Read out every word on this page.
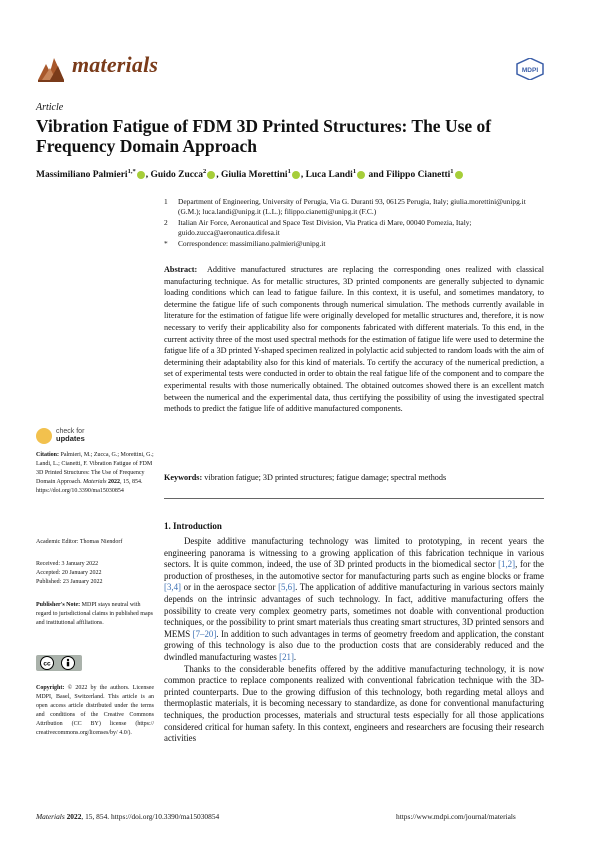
materials	MDPI
Article
Vibration Fatigue of FDM 3D Printed Structures: The Use of Frequency Domain Approach
Massimiliano Palmieri$^{1,*}$ , Guido Zucca$^2$ , Giulia Morettini$^1$ , Luca Landi$^1$ and Filippo Cianetti$^1$
1	Department of Engineering, University of Perugia, Via G. Duranti 93, 06125 Perugia, Italy; giulia.morettini@unipg.it (G.M.); luca.landi@unipg.it (L.L.); filippo.cianetti@unipg.it (F.C.)
2	Italian Air Force, Aeronautical and Space Test Division, Via Pratica di Mare, 00040 Pomezia, Italy; guido.zucca@aeronautica.difesa.it
*	Correspondence: massimiliano.palmieri@unipg.it
Abstract: Additive manufactured structures are replacing the corresponding ones realized with classical manufacturing technique. As for metallic structures, 3D printed components are generally subjected to dynamic loading conditions which can lead to fatigue failure. In this context, it is useful, and sometimes mandatory, to determine the fatigue life of such components through numerical simulation. The methods currently available in literature for the estimation of fatigue life were originally developed for metallic structures and, therefore, it is now necessary to verify their applicability also for components fabricated with different materials. To this end, in the current activity three of the most used spectral methods for the estimation of fatigue life were used to determine the fatigue life of a 3D printed Y-shaped specimen realized in polylactic acid subjected to random loads with the aim of determining their adaptability also for this kind of materials. To certify the accuracy of the numerical prediction, a set of experimental tests were conducted in order to obtain the real fatigue life of the component and to compare the experimental results with those numerically obtained. The obtained outcomes showed there is an excellent match between the numerical and the experimental data, thus certifying the possibility of using the investigated spectral methods to predict the fatigue life of additive manufactured components.
Keywords: vibration fatigue; 3D printed structures; fatigue damage; spectral methods
1. Introduction

Despite additive manufacturing technology was limited to prototyping, in recent years the engineering panorama is witnessing to a growing application of this fabrication technique in various sectors. It is quite common, indeed, the use of 3D printed products in the biomedical sector [1,2], for the production of prostheses, in the automotive sector for manufacturing parts such as engine blocks or frame [3,4] or in the aerospace sector [5,6]. The application of additive manufacturing in various sectors mainly depends on the intrinsic advantages of such technology. In fact, additive manufacturing offers the possibility to create very complex geometry parts, sometimes not doable with conventional production techniques, or the possibility to print smart materials thus creating smart structures, 3D printed sensors and MEMS [7–20]. In addition to such advantages in terms of geometry freedom and application, the constant growing of this technology is also due to the production costs that are considerably reduced and the dwindled manufacturing wastes [21].

Thanks to the considerable benefits offered by the additive manufacturing technology, it is now common practice to replace components realized with conventional fabrication technique with the 3D-printed counterparts. Due to the growing diffusion of this technology, both regarding metal alloys and thermoplastic materials, it is becoming necessary to standardize, as done for conventional manufacturing techniques, the production processes, materials and structural tests especially for all those applications considered critical for human safety. In this context, engineers and researchers are focusing their research activities

check for
updates
Citation: Palmieri, M.; Zucca, G.; Morettini, G.; Landi, L.; Cianetti, F. Vibration Fatigue of FDM 3D Printed Structures: The Use of Frequency Domain Approach. Materials 2022, 15, 854. https://doi.org/10.3390/ma15030854
Academic Editor: Thomas Niendorf
Received: 3 January 2022
Accepted: 20 January 2022
Published: 23 January 2022
Publisher's Note: MDPI stays neutral with regard to jurisdictional claims in published maps and institutional affiliations.
cc
Copyright: © 2022 by the authors. Licensee MDPI, Basel, Switzerland. This article is an open access article distributed under the terms and conditions of the Creative Commons Attribution (CC BY) license (https:// creativecommons.org/licenses/by/ 4.0/).
Materials 2022, 15, 854. https://doi.org/10.3390/ma15030854	https://www.mdpi.com/journal/materials
